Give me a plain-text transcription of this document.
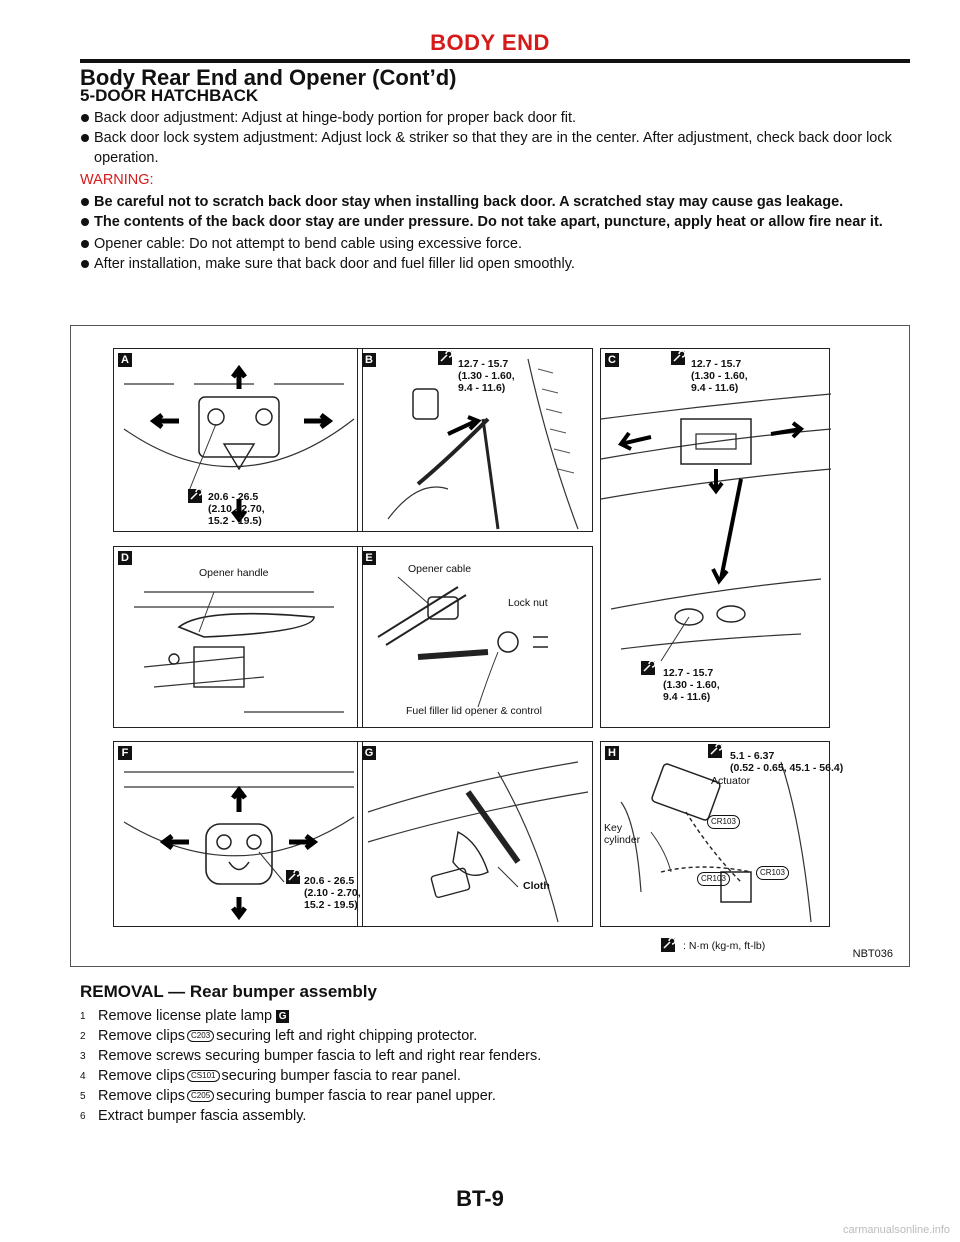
BODY END
Body Rear End and Opener (Cont’d)
5-DOOR HATCHBACK
Back door adjustment: Adjust at hinge-body portion for proper back door fit.
Back door lock system adjustment: Adjust lock & striker so that they are in the center. After adjustment, check back door lock operation.
WARNING:
Be careful not to scratch back door stay when installing back door. A scratched stay may cause gas leakage.
The contents of the back door stay are under pressure. Do not take apart, puncture, apply heat or allow fire near it.
Opener cable: Do not attempt to bend cable using excessive force.
After installation, make sure that back door and fuel filler lid open smoothly.
A
20.6 - 26.5
(2.10 - 2.70,
15.2 - 19.5)
B	12.7 - 15.7
(1.30 - 1.60,
9.4 - 11.6)
C	12.7 - 15.7
(1.30 - 1.60,
9.4 - 11.6)
12.7 - 15.7
(1.30 - 1.60,
9.4 - 11.6)
D
Opener handle
E
Opener cable
Lock nut
Fuel filler lid opener & control
F
20.6 - 26.5
(2.10 - 2.70,
15.2 - 19.5)
G
Cloth
H	5.1 - 6.37
(0.52 - 0.65, 45.1 - 56.4)
Actuator
Key
cylinder
CR103
CR103
CR103
: N·m (kg-m, ft-lb)
NBT036
REMOVAL — Rear bumper assembly
1 Remove license plate lamp G
2 Remove clips C203 securing left and right chipping protector.
3 Remove screws securing bumper fascia to left and right rear fenders.
4 Remove clips CS101 securing bumper fascia to rear panel.
5 Remove clips C205 securing bumper fascia to rear panel upper.
6 Extract bumper fascia assembly.
BT-9
carmanualsonline.info
